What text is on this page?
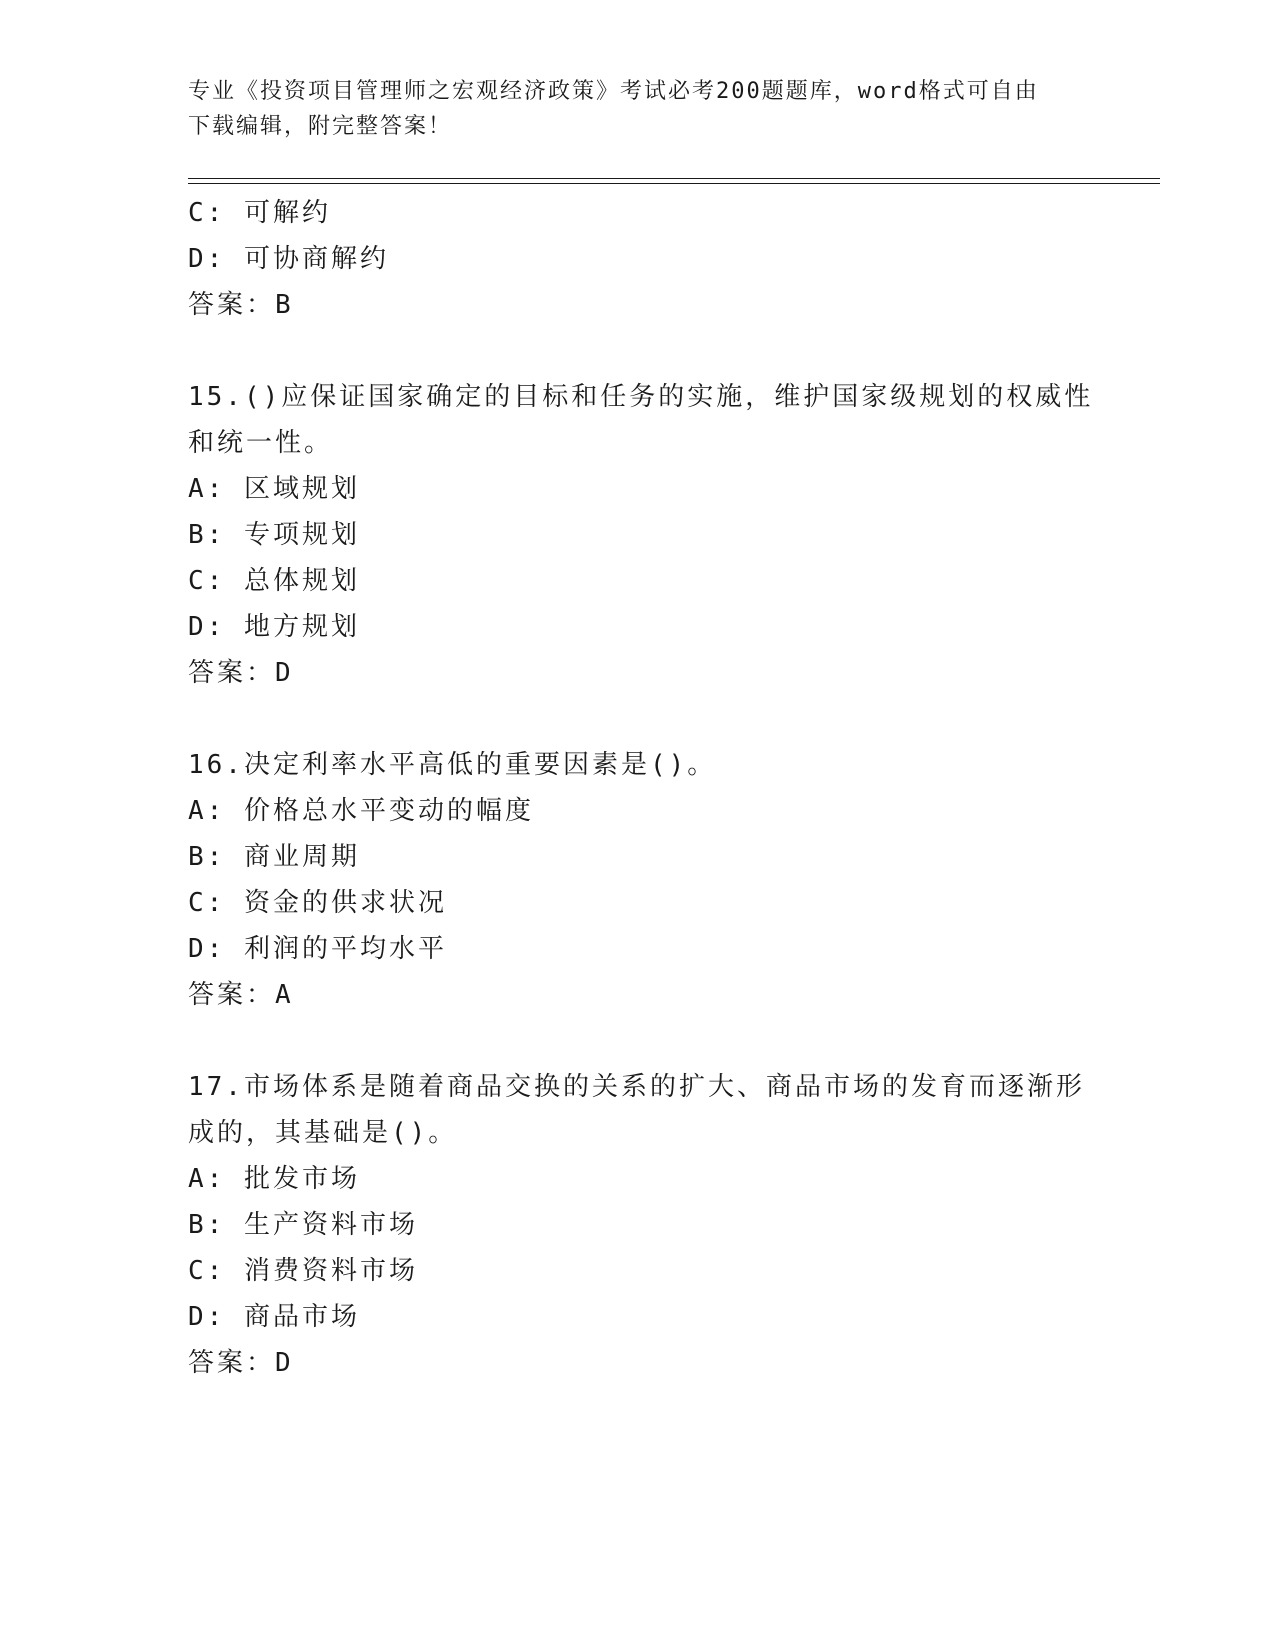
专业《投资项目管理师之宏观经济政策》考试必考200题题库，word格式可自由
下载编辑，附完整答案！
C: 可解约
D: 可协商解约
答案：B
15.()应保证国家确定的目标和任务的实施，维护国家级规划的权威性
和统一性。
A: 区域规划
B: 专项规划
C: 总体规划
D: 地方规划
答案：D
16.决定利率水平高低的重要因素是()。
A: 价格总水平变动的幅度
B: 商业周期
C: 资金的供求状况
D: 利润的平均水平
答案：A
17.市场体系是随着商品交换的关系的扩大、商品市场的发育而逐渐形
成的，其基础是()。
A: 批发市场
B: 生产资料市场
C: 消费资料市场
D: 商品市场
答案：D
